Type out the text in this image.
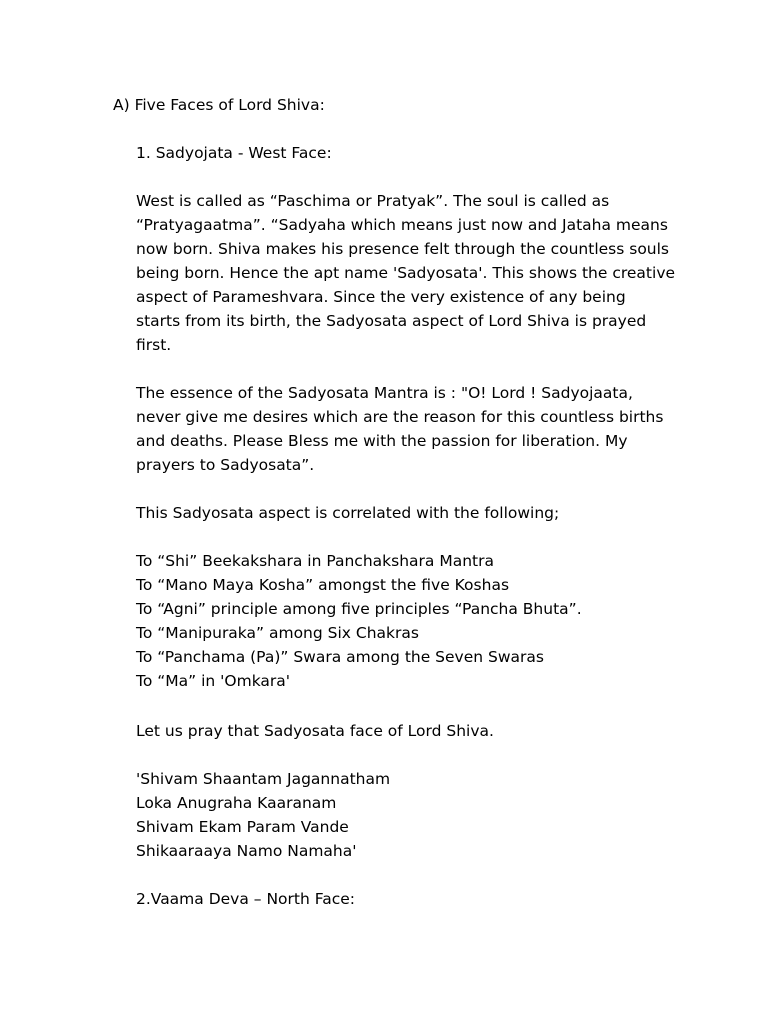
A) Five Faces of Lord Shiva:
1. Sadyojata - West Face:
West is called as “Paschima or Pratyak”. The soul is called as
“Pratyagaatma”. “Sadyaha which means just now and Jataha means
now born. Shiva makes his presence felt through the countless souls
being born. Hence the apt name 'Sadyosata'. This shows the creative
aspect of Parameshvara. Since the very existence of any being
starts from its birth, the Sadyosata aspect of Lord Shiva is prayed
first.
The essence of the Sadyosata Mantra is : "O! Lord ! Sadyojaata,
never give me desires which are the reason for this countless births
and deaths. Please Bless me with the passion for liberation. My
prayers to Sadyosata”.
This Sadyosata aspect is correlated with the following;
To “Shi” Beekakshara in Panchakshara Mantra
To “Mano Maya Kosha” amongst the five Koshas
To “Agni” principle among five principles “Pancha Bhuta”.
To “Manipuraka” among Six Chakras
To “Panchama (Pa)” Swara among the Seven Swaras
To “Ma” in 'Omkara'
Let us pray that Sadyosata face of Lord Shiva.
'Shivam Shaantam Jagannatham
Loka Anugraha Kaaranam
Shivam Ekam Param Vande
Shikaaraaya Namo Namaha'
2.Vaama Deva – North Face:
